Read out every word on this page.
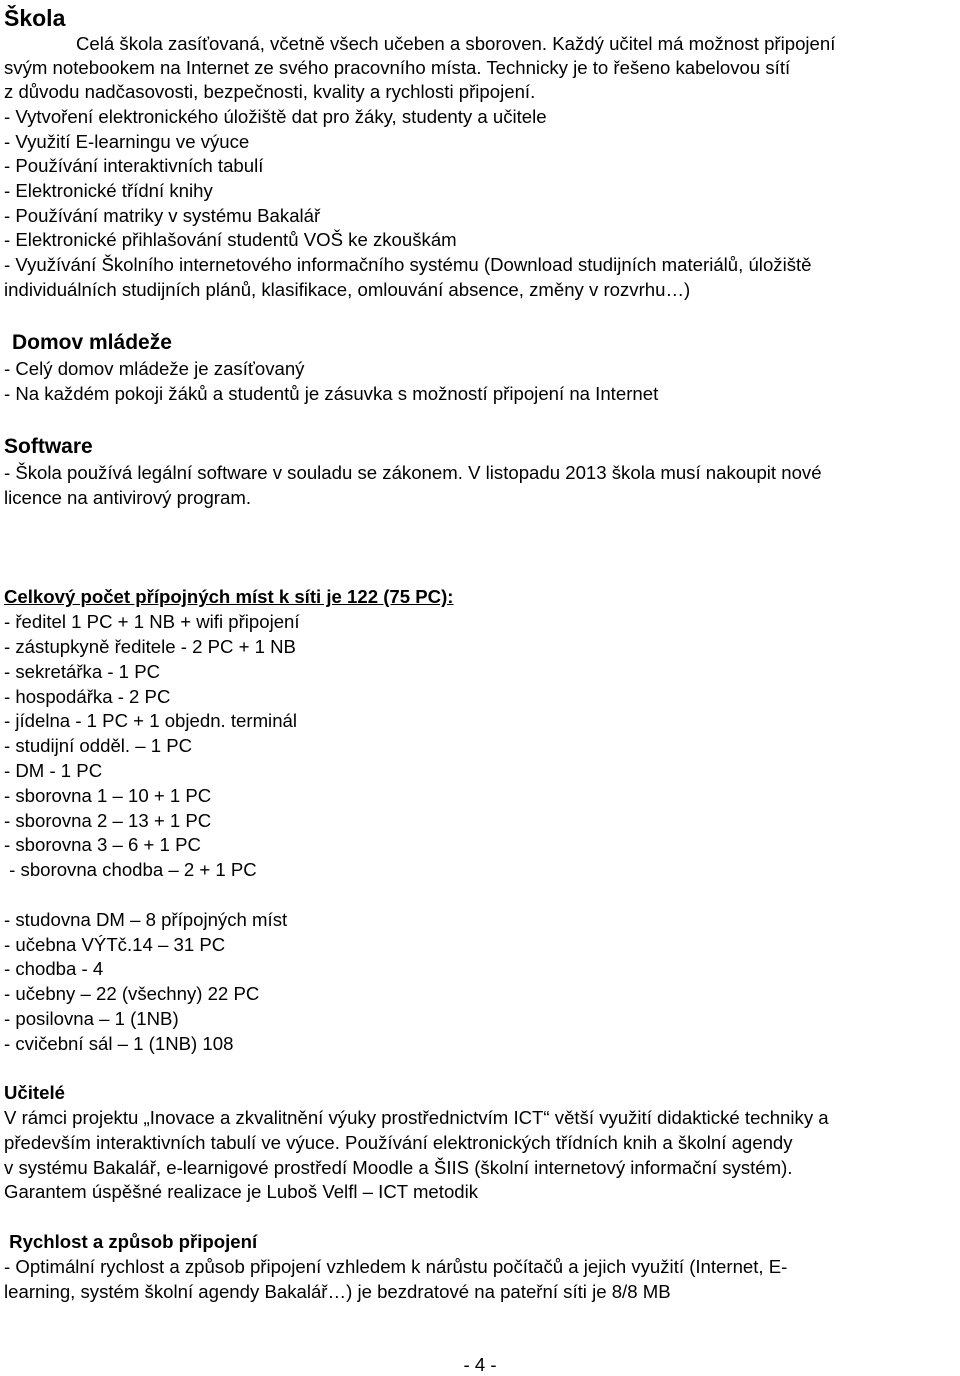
Škola
Celá škola zasíťovaná, včetně všech učeben a sboroven. Každý učitel má možnost připojení
svým notebookem na Internet ze svého pracovního místa. Technicky je to řešeno kabelovou sítí
z důvodu nadčasovosti, bezpečnosti, kvality a rychlosti připojení.
- Vytvoření elektronického úložiště dat pro žáky, studenty a učitele
- Využití E-learningu ve výuce
- Používání interaktivních tabulí
- Elektronické třídní knihy
- Používání matriky v systému Bakalář
- Elektronické přihlašování studentů VOŠ ke zkouškám
- Využívání Školního internetového informačního systému (Download studijních materiálů, úložiště
individuálních studijních plánů, klasifikace, omlouvání absence, změny v rozvrhu…)
Domov mládeže
- Celý domov mládeže je zasíťovaný
- Na každém pokoji žáků a studentů je zásuvka s možností připojení na Internet
Software
- Škola používá legální software v souladu se zákonem. V listopadu 2013 škola musí nakoupit nové
licence na antivirový program.
Celkový počet přípojných míst k síti je 122 (75 PC):
- ředitel 1 PC + 1 NB + wifi připojení
- zástupkyně ředitele - 2 PC + 1 NB
- sekretářka - 1 PC
- hospodářka - 2 PC
- jídelna - 1 PC + 1 objedn. terminál
- studijní odděl. – 1 PC
- DM - 1 PC
- sborovna 1 – 10 + 1 PC
- sborovna 2 – 13 + 1 PC
- sborovna 3 – 6 + 1 PC
- sborovna chodba – 2 + 1 PC
- studovna DM – 8 přípojných míst
- učebna VÝTč.14 – 31 PC
- chodba - 4
- učebny – 22 (všechny) 22 PC
- posilovna – 1 (1NB)
- cvičební sál – 1 (1NB) 108
Učitelé
V rámci projektu „Inovace a zkvalitnění výuky prostřednictvím ICT“ větší využití didaktické techniky a
především interaktivních tabulí ve výuce. Používání elektronických třídních knih a školní agendy
v systému Bakalář, e-learnigové prostředí Moodle a ŠIIS (školní internetový informační systém).
Garantem úspěšné realizace je Luboš Velfl – ICT metodik
Rychlost a způsob připojení
- Optimální rychlost a způsob připojení vzhledem k nárůstu počítačů a jejich využití (Internet, E-
learning, systém školní agendy Bakalář…) je bezdratové na pateřní síti je 8/8 MB
- 4 -
